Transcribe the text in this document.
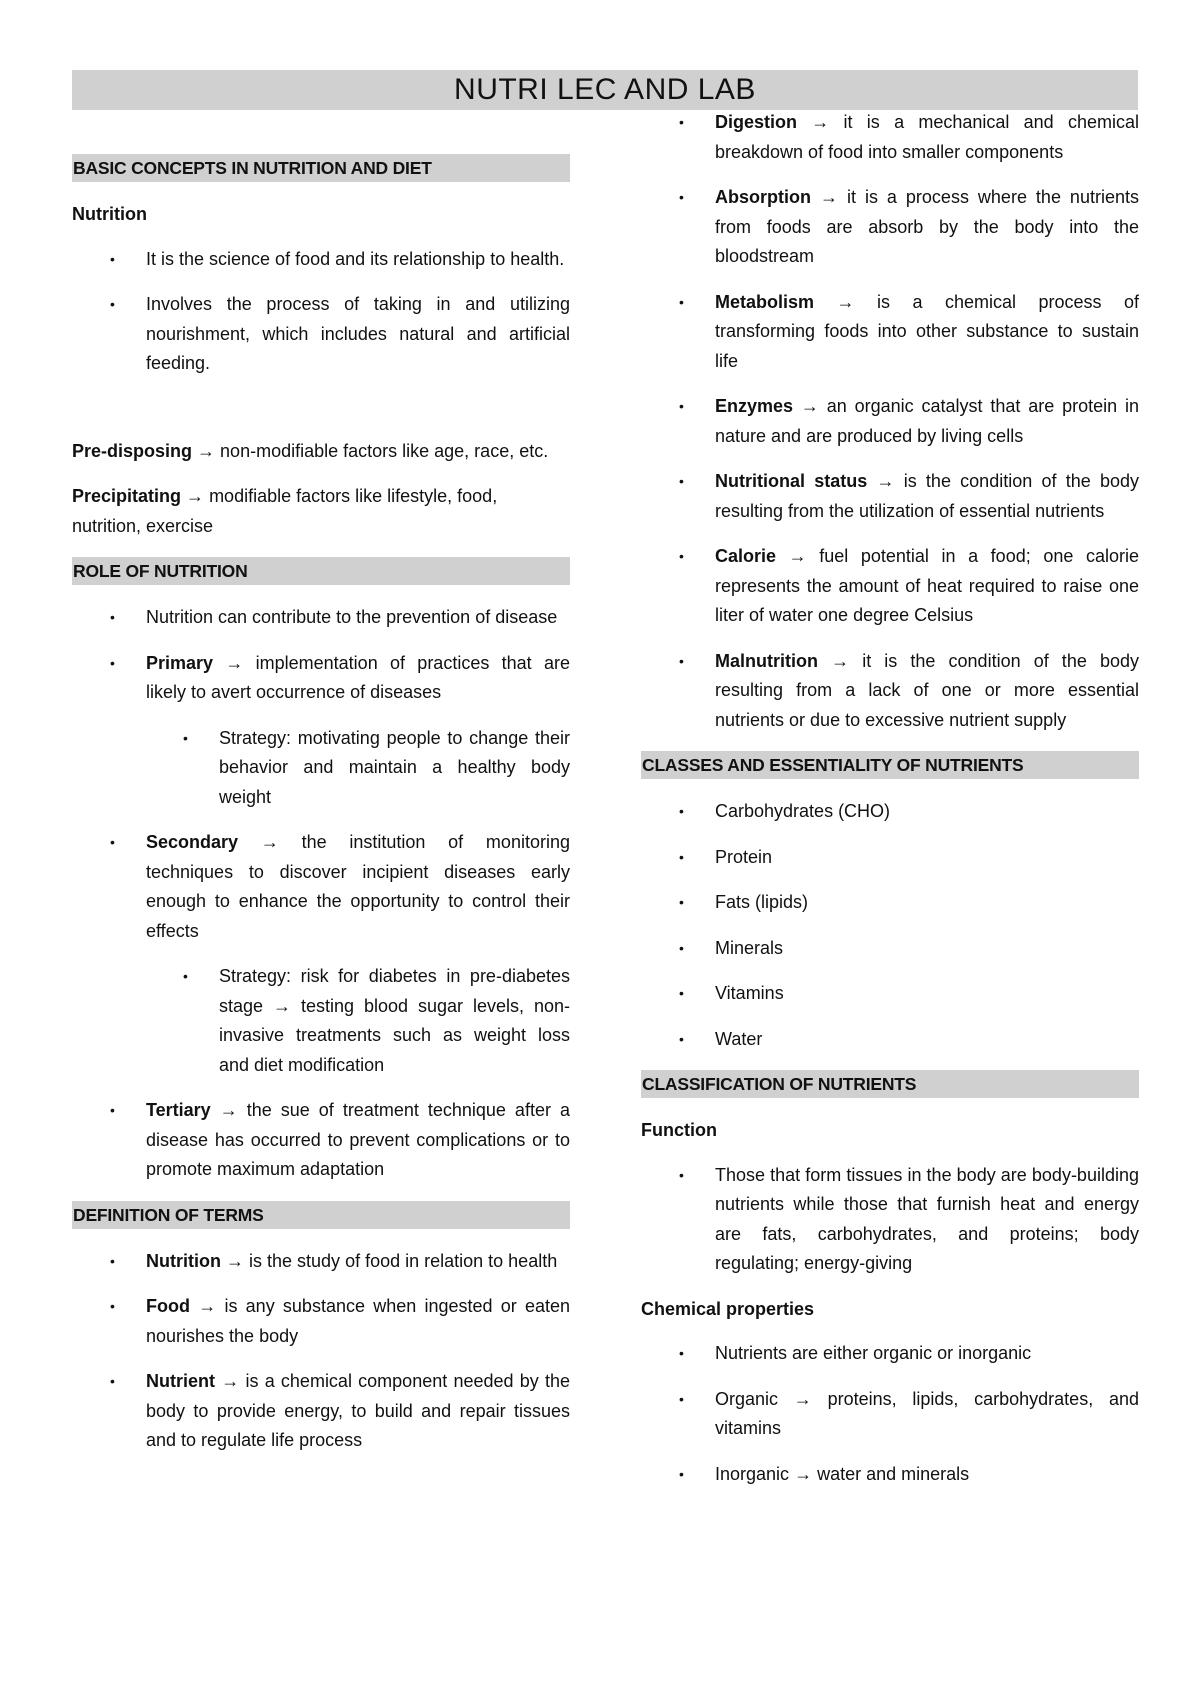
NUTRI LEC AND LAB
BASIC CONCEPTS IN NUTRITION AND DIET
Nutrition
• It is the science of food and its relationship to health.
• Involves the process of taking in and utilizing nourishment, which includes natural and artificial feeding.
Pre-disposing → non-modifiable factors like age, race, etc.
Precipitating → modifiable factors like lifestyle, food, nutrition, exercise
ROLE OF NUTRITION
• Nutrition can contribute to the prevention of disease
• Primary → implementation of practices that are likely to avert occurrence of diseases
• Strategy: motivating people to change their behavior and maintain a healthy body weight
• Secondary → the institution of monitoring techniques to discover incipient diseases early enough to enhance the opportunity to control their effects
• Strategy: risk for diabetes in pre-diabetes stage → testing blood sugar levels, non-invasive treatments such as weight loss and diet modification
• Tertiary → the sue of treatment technique after a disease has occurred to prevent complications or to promote maximum adaptation
DEFINITION OF TERMS
• Nutrition → is the study of food in relation to health
• Food → is any substance when ingested or eaten nourishes the body
• Nutrient → is a chemical component needed by the body to provide energy, to build and repair tissues and to regulate life process
• Digestion → it is a mechanical and chemical breakdown of food into smaller components
• Absorption → it is a process where the nutrients from foods are absorb by the body into the bloodstream
• Metabolism → is a chemical process of transforming foods into other substance to sustain life
• Enzymes → an organic catalyst that are protein in nature and are produced by living cells
• Nutritional status → is the condition of the body resulting from the utilization of essential nutrients
• Calorie → fuel potential in a food; one calorie represents the amount of heat required to raise one liter of water one degree Celsius
• Malnutrition → it is the condition of the body resulting from a lack of one or more essential nutrients or due to excessive nutrient supply
CLASSES AND ESSENTIALITY OF NUTRIENTS
• Carbohydrates (CHO)
• Protein
• Fats (lipids)
• Minerals
• Vitamins
• Water
CLASSIFICATION OF NUTRIENTS
Function
• Those that form tissues in the body are body-building nutrients while those that furnish heat and energy are fats, carbohydrates, and proteins; body regulating; energy-giving
Chemical properties
• Nutrients are either organic or inorganic
• Organic → proteins, lipids, carbohydrates, and vitamins
• Inorganic → water and minerals
